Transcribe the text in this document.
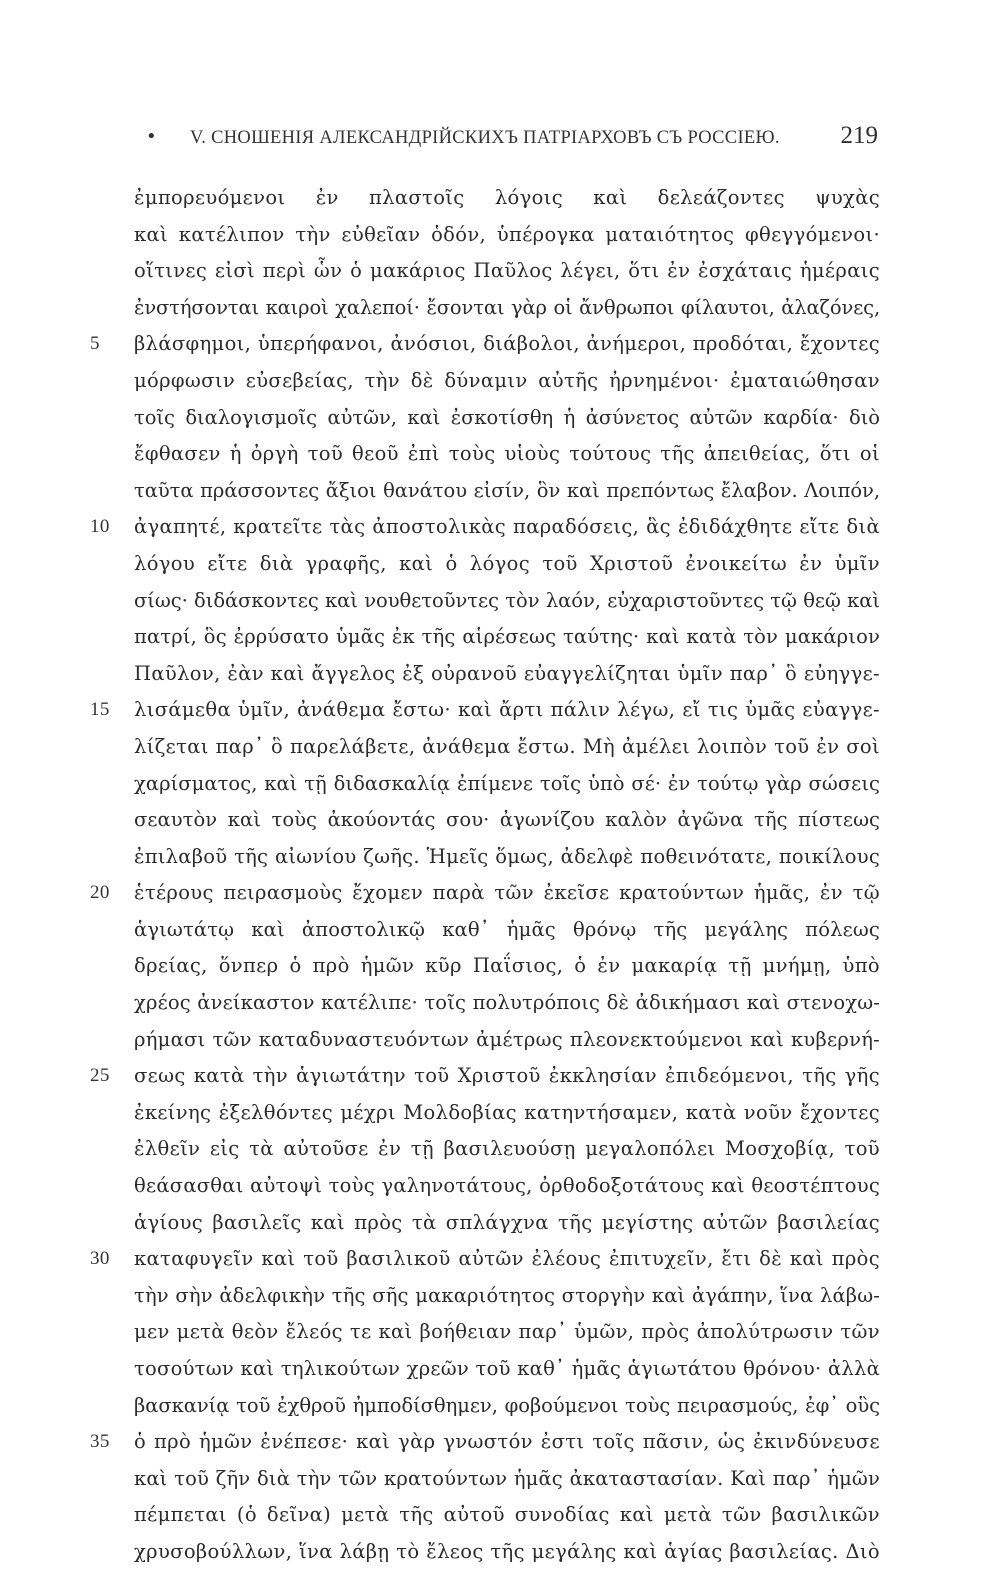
• V. СНОШЕНІЯ АЛЕКСАНДРІЙСКИХЪ ПАТРІАРХОВЪ СЪ РОССІЕЮ. 219
ἐμπορευόμενοι ἐν πλαστοῖς λόγοις καὶ δελεάζοντες ψυχὰς
καὶ κατέλιπον τὴν εὐθεῖαν ὁδόν, ὑπέρογκα ματαιότητος φθεγγόμενοι·
οἵτινες εἰσὶ περὶ ὧν ὁ μακάριος Παῦλος λέγει, ὅτι ἐν ἐσχάταις ἡμέραις
ἐνστήσονται καιροὶ χαλεποί· ἔσονται γὰρ οἱ ἄνθρωποι φίλαυτοι, ἀλαζόνες,
5	βλάσφημοι, ὑπερήφανοι, ἀνόσιοι, διάβολοι, ἀνήμεροι, προδόται, ἔχοντες
μόρφωσιν εὐσεβείας, τὴν δὲ δύναμιν αὐτῆς ἠρνημένοι· ἐματαιώθησαν
τοῖς διαλογισμοῖς αὐτῶν, καὶ ἐσκοτίσθη ἡ ἀσύνετος αὐτῶν καρδία· διὸ
ἔφθασεν ἡ ὀργὴ τοῦ θεοῦ ἐπὶ τοὺς υἱοὺς τούτους τῆς ἀπειθείας, ὅτι οἱ
ταῦτα πράσσοντες ἄξιοι θανάτου εἰσίν, ὃν καὶ πρεπόντως ἔλαβον. Λοιπόν,
10	ἀγαπητέ, κρατεῖτε τὰς ἀποστολικὰς παραδόσεις, ἃς ἐδιδάχθητε εἴτε διὰ
λόγου εἴτε διὰ γραφῆς, καὶ ὁ λόγος τοῦ Χριστοῦ ἐνοικείτω ἐν ὑμῖν
σίως· διδάσκοντες καὶ νουθετοῦντες τὸν λαόν, εὐχαριστοῦντες τῷ θεῷ καὶ
πατρί, ὃς ἐρρύσατο ὑμᾶς ἐκ τῆς αἱρέσεως ταύτης· καὶ κατὰ τὸν μακάριον
Παῦλον, ἐὰν καὶ ἄγγελος ἐξ οὐρανοῦ εὐαγγελίζηται ὑμῖν παρ᾿ ὃ εὐηγγε-
15	λισάμεθα ὑμῖν, ἀνάθεμα ἔστω· καὶ ἄρτι πάλιν λέγω, εἴ τις ὑμᾶς εὐαγγε-
λίζεται παρ᾿ ὃ παρελάβετε, ἀνάθεμα ἔστω. Μὴ ἀμέλει λοιπὸν τοῦ ἐν σοὶ
χαρίσματος, καὶ τῇ διδασκαλίᾳ ἐπίμενε τοῖς ὑπὸ σέ· ἐν τούτῳ γὰρ σώσεις
σεαυτὸν καὶ τοὺς ἀκούοντάς σου· ἀγωνίζου καλὸν ἀγῶνα τῆς πίστεως
ἐπιλαβοῦ τῆς αἰωνίου ζωῆς. Ἡμεῖς ὅμως, ἀδελφὲ ποθεινότατε, ποικίλους
20	ἑτέρους πειρασμοὺς ἔχομεν παρὰ τῶν ἐκεῖσε κρατούντων ἡμᾶς, ἐν τῷ
ἁγιωτάτῳ καὶ ἀποστολικῷ καθ᾿ ἡμᾶς θρόνῳ τῆς μεγάλης πόλεως
δρείας, ὅνπερ ὁ πρὸ ἡμῶν κῦρ Παΐσιος, ὁ ἐν μακαρίᾳ τῇ μνήμῃ, ὑπὸ
χρέος ἀνείκαστον κατέλιπε· τοῖς πολυτρόποις δὲ ἀδικήμασι καὶ στενοχω-
ρήμασι τῶν καταδυναστευόντων ἀμέτρως πλεονεκτούμενοι καὶ κυβερνή-
25	σεως κατὰ τὴν ἁγιωτάτην τοῦ Χριστοῦ ἐκκλησίαν ἐπιδεόμενοι, τῆς γῆς
ἐκείνης ἐξελθόντες μέχρι Μολδοβίας κατηντήσαμεν, κατὰ νοῦν ἔχοντες
ἐλθεῖν εἰς τὰ αὐτοῦσε ἐν τῇ βασιλευούσῃ μεγαλοπόλει Μοσχοβίᾳ, τοῦ
θεάσασθαι αὐτοψὶ τοὺς γαληνοτάτους, ὀρθοδοξοτάτους καὶ θεοστέπτους
ἁγίους βασιλεῖς καὶ πρὸς τὰ σπλάγχνα τῆς μεγίστης αὐτῶν βασιλείας
30	καταφυγεῖν καὶ τοῦ βασιλικοῦ αὐτῶν ἐλέους ἐπιτυχεῖν, ἔτι δὲ καὶ πρὸς
τὴν σὴν ἀδελφικὴν τῆς σῆς μακαριότητος στοργὴν καὶ ἀγάπην, ἵνα λάβω-
μεν μετὰ θεὸν ἔλεός τε καὶ βοήθειαν παρ᾿ ὑμῶν, πρὸς ἀπολύτρωσιν τῶν
τοσούτων καὶ τηλικούτων χρεῶν τοῦ καθ᾿ ἡμᾶς ἁγιωτάτου θρόνου· ἀλλὰ
βασκανίᾳ τοῦ ἐχθροῦ ἠμποδίσθημεν, φοβούμενοι τοὺς πειρασμούς, ἐφ᾿ οὓς
35	ὁ πρὸ ἡμῶν ἐνέπεσε· καὶ γὰρ γνωστόν ἐστι τοῖς πᾶσιν, ὡς ἐκινδύνευσε
καὶ τοῦ ζῆν διὰ τὴν τῶν κρατούντων ἡμᾶς ἀκαταστασίαν. Καὶ παρ᾿ ἡμῶν
πέμπεται (ὁ δεῖνα) μετὰ τῆς αὐτοῦ συνοδίας καὶ μετὰ τῶν βασιλικῶν
χρυσοβούλλων, ἵνα λάβῃ τὸ ἔλεος τῆς μεγάλης καὶ ἁγίας βασιλείας. Διὸ
